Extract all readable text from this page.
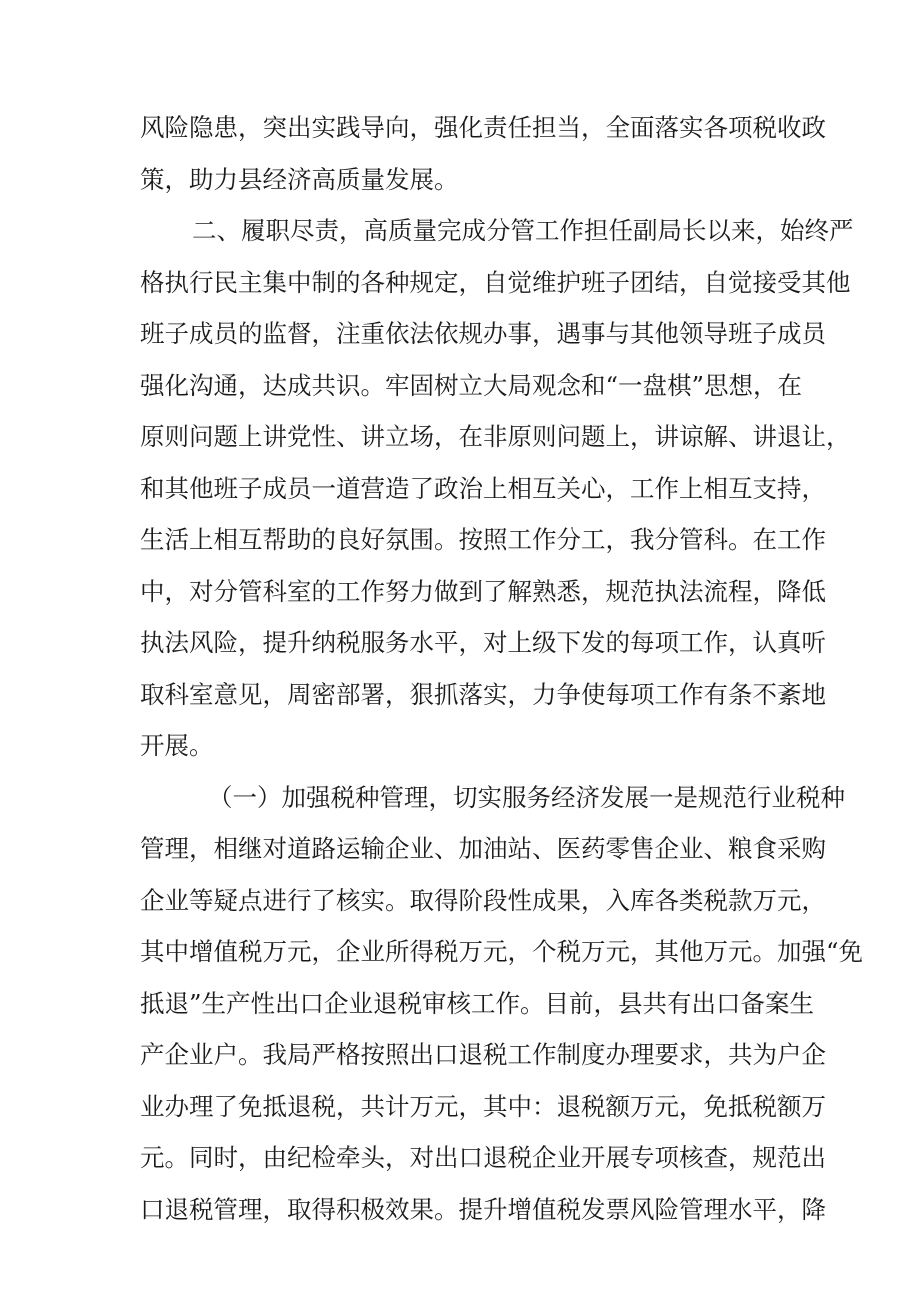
风险隐患，突出实践导向，强化责任担当，全面落实各项税收政
策，助力县经济高质量发展。
二、履职尽责，高质量完成分管工作担任副局长以来，始终严
格执行民主集中制的各种规定，自觉维护班子团结，自觉接受其他
班子成员的监督，注重依法依规办事，遇事与其他领导班子成员
强化沟通，达成共识。牢固树立大局观念和“一盘棋”思想，在
原则问题上讲党性、讲立场，在非原则问题上，讲谅解、讲退让，
和其他班子成员一道营造了政治上相互关心，工作上相互支持，
生活上相互帮助的良好氛围。按照工作分工，我分管科。在工作
中，对分管科室的工作努力做到了解熟悉，规范执法流程，降低
执法风险，提升纳税服务水平，对上级下发的每项工作，认真听
取科室意见，周密部署，狠抓落实，力争使每项工作有条不紊地
开展。
（一）加强税种管理，切实服务经济发展一是规范行业税种
管理，相继对道路运输企业、加油站、医药零售企业、粮食采购
企业等疑点进行了核实。取得阶段性成果，入库各类税款万元，
其中增值税万元，企业所得税万元，个税万元，其他万元。加强“免
抵退”生产性出口企业退税审核工作。目前，县共有出口备案生
产企业户。我局严格按照出口退税工作制度办理要求，共为户企
业办理了免抵退税，共计万元，其中：退税额万元，免抵税额万
元。同时，由纪检牵头，对出口退税企业开展专项核查，规范出
口退税管理，取得积极效果。提升增值税发票风险管理水平，降
